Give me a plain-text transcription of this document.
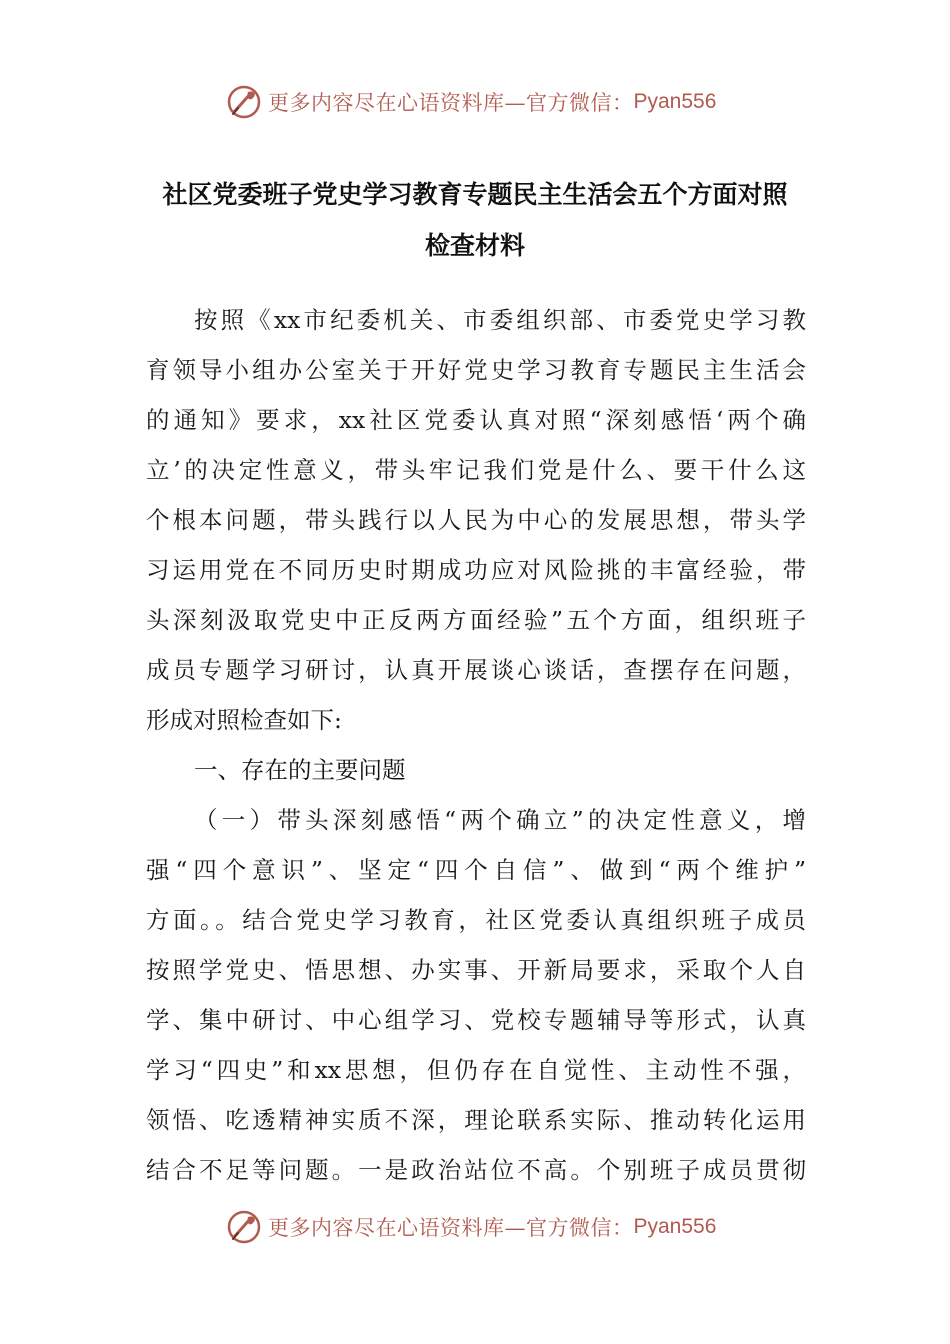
更多内容尽在心语资料库—官方微信： Pyan556
社区党委班子党史学习教育专题民主生活会五个方面对照
检查材料
按照《xx市纪委机关、市委组织部、市委党史学习教
育领导小组办公室关于开好党史学习教育专题民主生活会
的通知》要求，xx社区党委认真对照“深刻感悟‘两个确
立’的决定性意义，带头牢记我们党是什么、要干什么这
个根本问题，带头践行以人民为中心的发展思想，带头学
习运用党在不同历史时期成功应对风险挑的丰富经验，带
头深刻汲取党史中正反两方面经验”五个方面，组织班子
成员专题学习研讨，认真开展谈心谈话，查摆存在问题，
形成对照检查如下:
一、存在的主要问题
（一）带头深刻感悟“两个确立”的决定性意义，增
强“四个意识”、坚定“四个自信”、做到“两个维护”
方面。。结合党史学习教育，社区党委认真组织班子成员
按照学党史、悟思想、办实事、开新局要求，采取个人自
学、集中研讨、中心组学习、党校专题辅导等形式，认真
学习“四史”和xx思想，但仍存在自觉性、主动性不强，
领悟、吃透精神实质不深，理论联系实际、推动转化运用
结合不足等问题。一是政治站位不高。个别班子成员贯彻
更多内容尽在心语资料库—官方微信： Pyan556
